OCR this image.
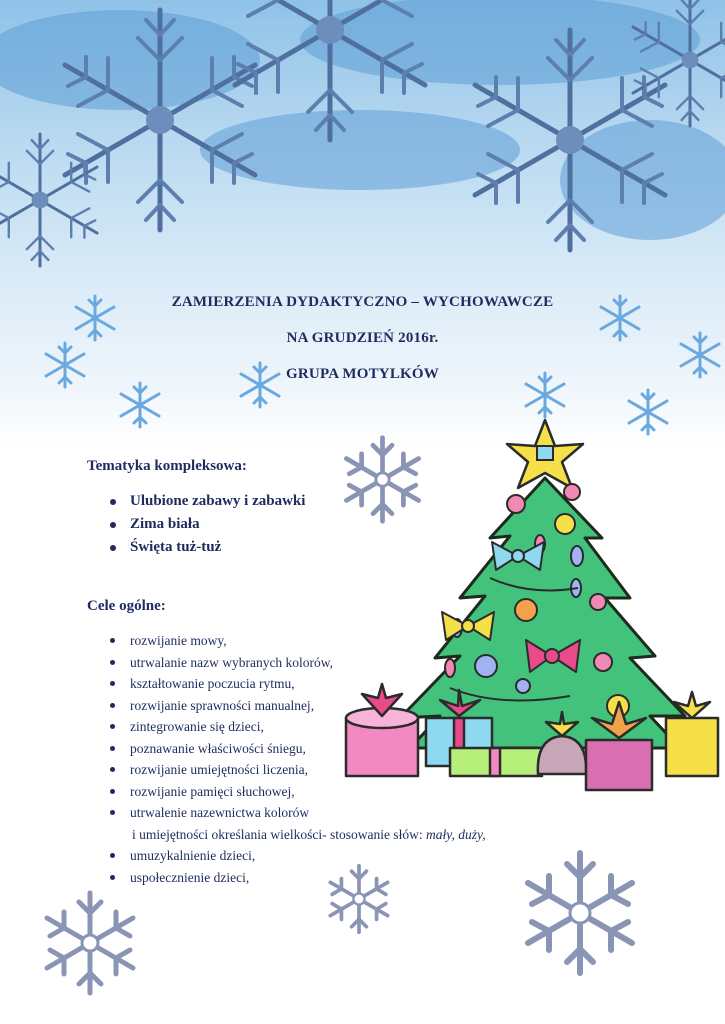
ZAMIERZENIA DYDAKTYCZNO – WYCHOWAWCZE
NA GRUDZIEŃ 2016r.
GRUPA MOTYLKÓW
Tematyka kompleksowa:
Ulubione zabawy i zabawki
Zima biała
Święta tuż-tuż
Cele ogólne:
rozwijanie mowy,
utrwalanie nazw wybranych kolorów,
kształtowanie poczucia rytmu,
rozwijanie sprawności manualnej,
zintegrowanie się dzieci,
poznawanie właściwości śniegu,
rozwijanie umiejętności liczenia,
rozwijanie pamięci słuchowej,
utrwalenie nazewnictwa kolorów
i umiejętności określania wielkości- stosowanie słów: mały, duży,
umuzykalnienie dzieci,
uspołecznienie dzieci,
